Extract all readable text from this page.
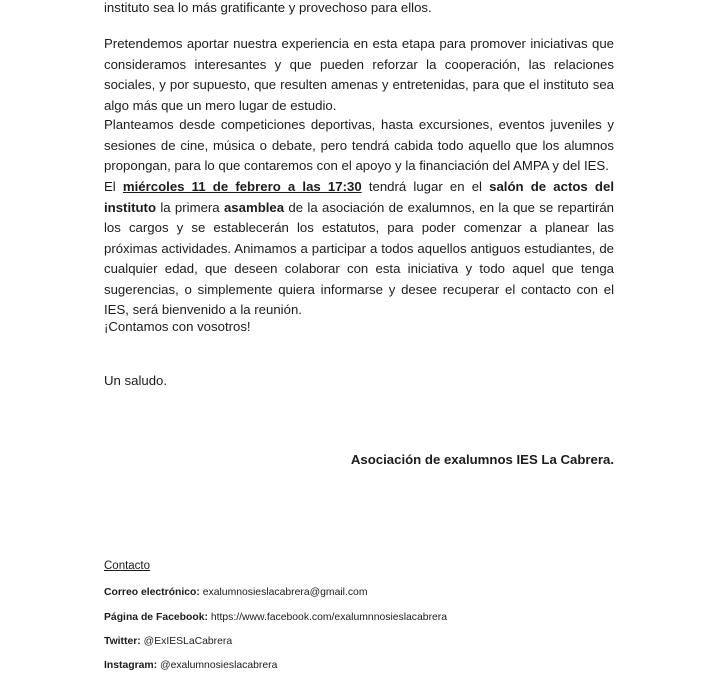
instituto sea lo más gratificante y provechoso para ellos.

Pretendemos aportar nuestra experiencia en esta etapa para promover iniciativas que consideramos interesantes y que pueden reforzar la cooperación, las relaciones sociales, y por supuesto, que resulten amenas y entretenidas, para que el instituto sea algo más que un mero lugar de estudio.

Planteamos desde competiciones deportivas, hasta excursiones, eventos juveniles y sesiones de cine, música o debate, pero tendrá cabida todo aquello que los alumnos propongan, para lo que contaremos con el apoyo y la financiación del AMPA y del IES.

El miércoles 11 de febrero a las 17:30 tendrá lugar en el salón de actos del instituto la primera asamblea de la asociación de exalumnos, en la que se repartirán los cargos y se establecerán los estatutos, para poder comenzar a planear las próximas actividades. Animamos a participar a todos aquellos antiguos estudiantes, de cualquier edad, que deseen colaborar con esta iniciativa y todo aquel que tenga sugerencias, o simplemente quiera informarse y desee recuperar el contacto con el IES, será bienvenido a la reunión.

¡Contamos con vosotros!

Un saludo.

Asociación de exalumnos IES La Cabrera.

Contacto

Correo electrónico: exalumnosieslacabrera@gmail.com

Página de Facebook: https://www.facebook.com/exalumnnosieslacabrera

Twitter: @ExIESLaCabrera

Instagram: @exalumnosieslacabrera
